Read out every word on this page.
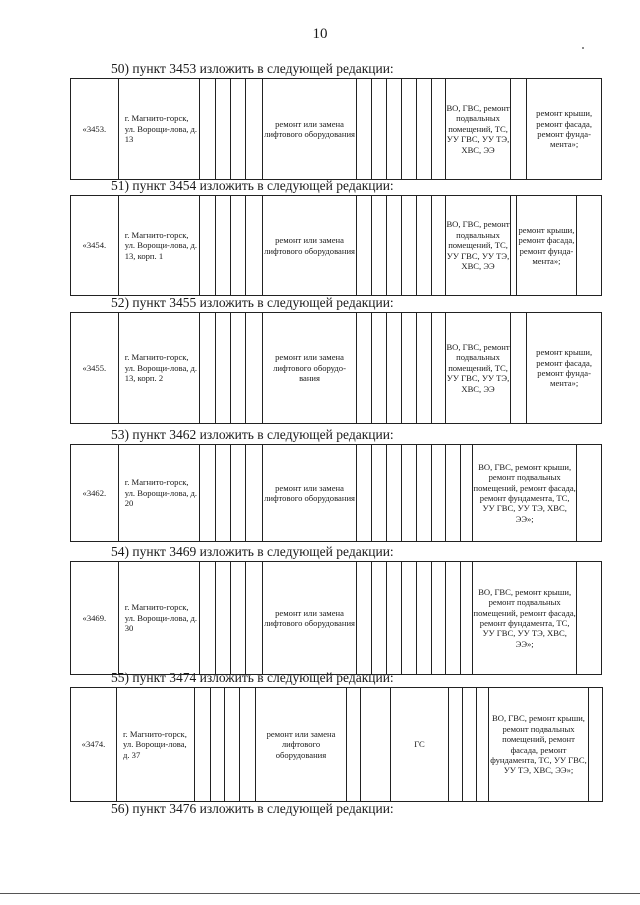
10
50) пункт 3453 изложить в следующей редакции:
«3453.	г. Магнито-горск, ул. Ворощи-лова, д. 13					ремонт или замена лифтового оборудования							ВО, ГВС, ремонт подвальных помещений, ТС, УУ ГВС, УУ ТЭ, ХВС, ЭЭ		ремонт крыши, ремонт фасада, ремонт фунда-мента»;
51) пункт 3454 изложить в следующей редакции:
«3454.	г. Магнито-горск, ул. Ворощи-лова, д. 13, корп. 1					ремонт или замена лифтового оборудования							ВО, ГВС, ремонт подвальных помещений, ТС, УУ ГВС, УУ ТЭ, ХВС, ЭЭ		ремонт крыши, ремонт фасада, ремонт фунда-мента»;	
52) пункт 3455 изложить в следующей редакции:
«3455.	г. Магнито-горск, ул. Ворощи-лова, д. 13, корп. 2					ремонт или замена лифтового оборудо-вания							ВО, ГВС, ремонт подвальных помещений, ТС, УУ ГВС, УУ ТЭ, ХВС, ЭЭ		ремонт крыши, ремонт фасада, ремонт фунда-мента»;
53) пункт 3462 изложить в следующей редакции:
«3462.	г. Магнито-горск, ул. Ворощи-лова, д. 20					ремонт или замена лифтового оборудования									ВО, ГВС, ремонт крыши, ремонт подвальных помещений, ремонт фасада, ремонт фундамента, ТС, УУ ГВС, УУ ТЭ, ХВС, ЭЭ»;	
54) пункт 3469 изложить в следующей редакции:
«3469.	г. Магнито-горск, ул. Ворощи-лова, д. 30					ремонт или замена лифтового оборудования									ВО, ГВС, ремонт крыши, ремонт подвальных помещений, ремонт фасада, ремонт фундамента, ТС, УУ ГВС, УУ ТЭ, ХВС, ЭЭ»;	
55) пункт 3474 изложить в следующей редакции:
«3474.	г. Магнито-горск, ул. Ворощи-лова, д. 37					ремонт или замена лифтового оборудования			ГС				ВО, ГВС, ремонт крыши, ремонт подвальных помещений, ремонт фасада, ремонт фундамента, ТС, УУ ГВС, УУ ТЭ, ХВС, ЭЭ»;	
56) пункт 3476 изложить в следующей редакции:
